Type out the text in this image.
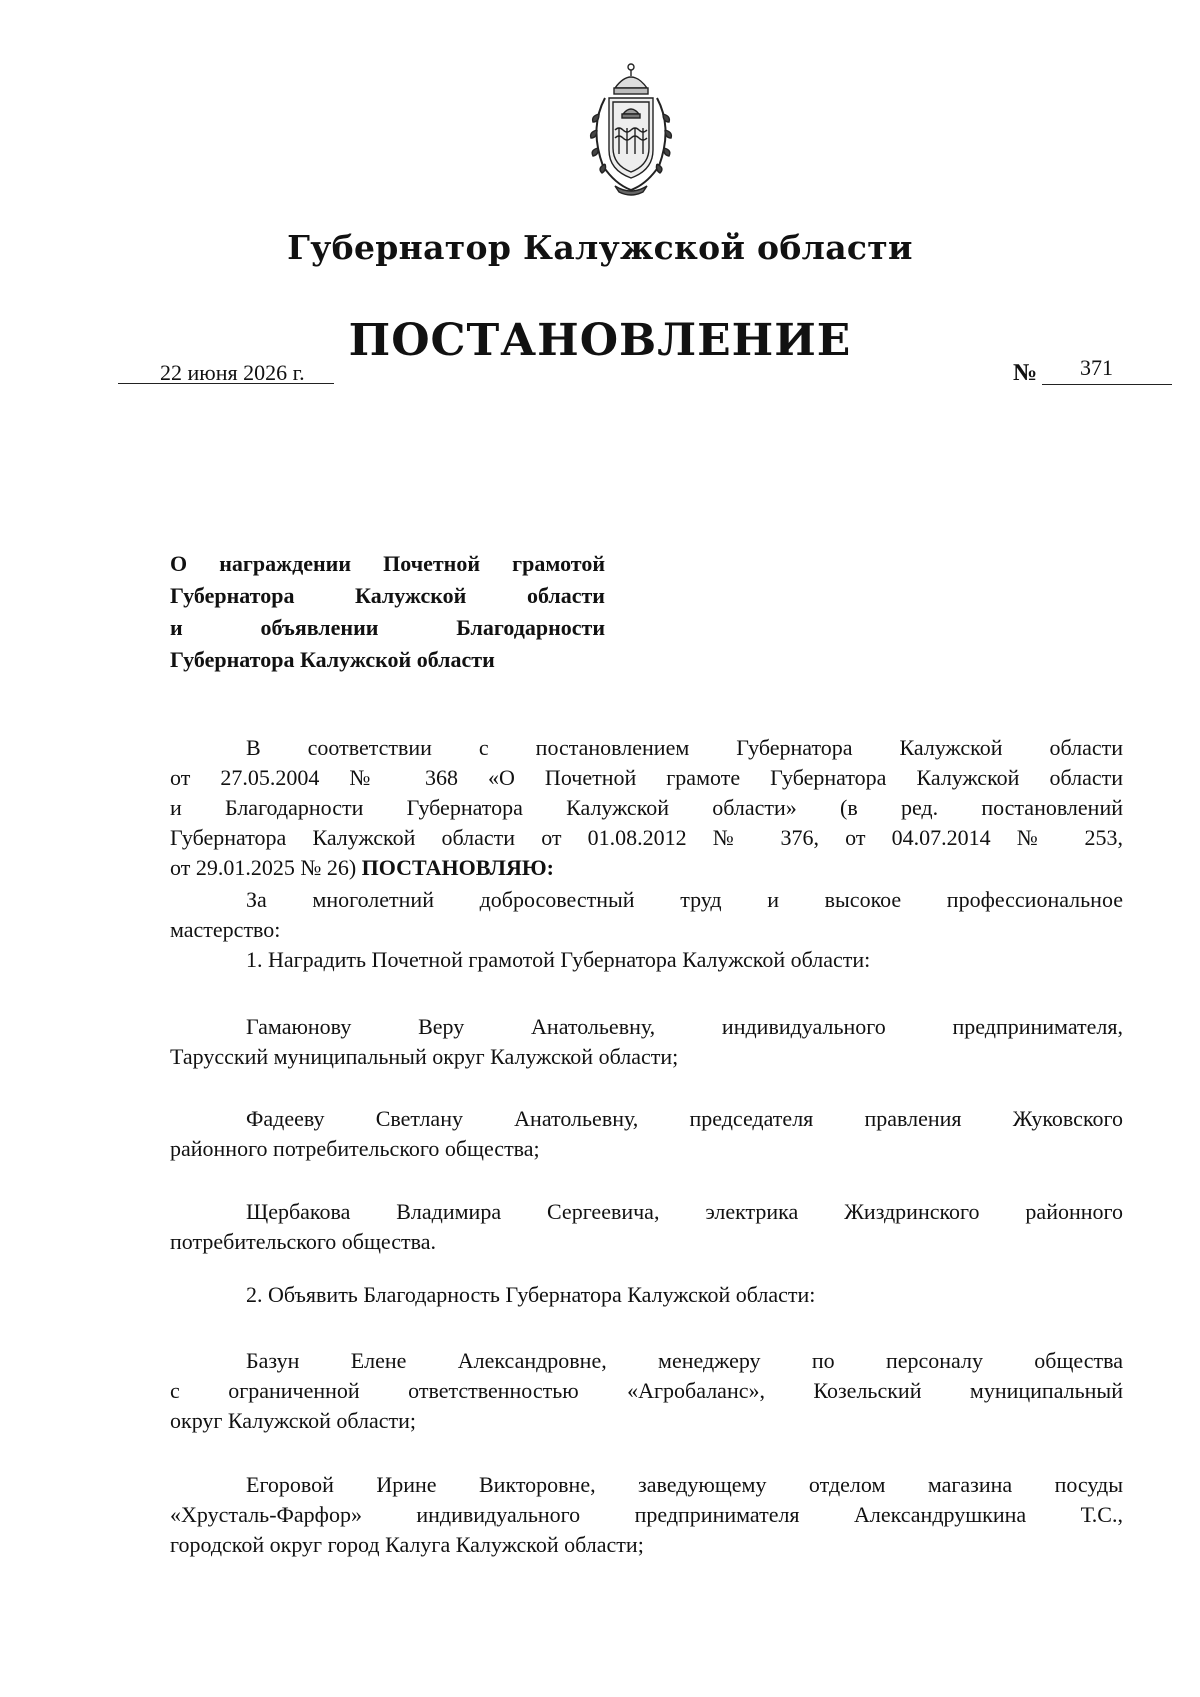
Губернатор Калужской области
ПОСТАНОВЛЕНИЕ
22 июня 2026 г.	№ 371
О награждении Почетной грамотой
Губернатора Калужской области
и объявлении Благодарности
Губернатора Калужской области
В соответствии с постановлением Губернатора Калужской области
от 27.05.2004 № 368 «О Почетной грамоте Губернатора Калужской области
и Благодарности Губернатора Калужской области» (в ред. постановлений
Губернатора Калужской области от 01.08.2012 № 376, от 04.07.2014 № 253,
от 29.01.2025 № 26) ПОСТАНОВЛЯЮ:
За многолетний добросовестный труд и высокое профессиональное
мастерство:
1. Наградить Почетной грамотой Губернатора Калужской области:
Гамаюнову Веру Анатольевну, индивидуального предпринимателя,
Тарусский муниципальный округ Калужской области;
Фадееву Светлану Анатольевну, председателя правления Жуковского
районного потребительского общества;
Щербакова Владимира Сергеевича, электрика Жиздринского районного
потребительского общества.
2. Объявить Благодарность Губернатора Калужской области:
Базун Елене Александровне, менеджеру по персоналу общества
с ограниченной ответственностью «Агробаланс», Козельский муниципальный
округ Калужской области;
Егоровой Ирине Викторовне, заведующему отделом магазина посуды
«Хрусталь-Фарфор» индивидуального предпринимателя Александрушкина Т.С.,
городской округ город Калуга Калужской области;
